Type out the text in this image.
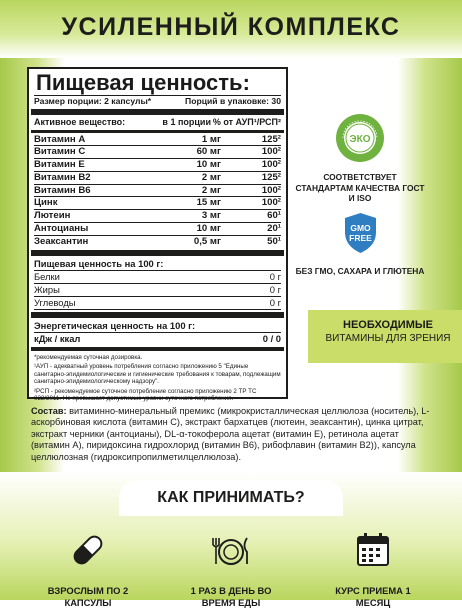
УСИЛЕННЫЙ КОМПЛЕКС
Пищевая ценность:
Размер порции: 2 капсулы*	Порций в упаковке: 30
Активное вещество:	в 1 порции % от АУП¹/РСП²
Витамин А	1 мг	125²
Витамин С	60 мг	100²
Витамин Е	10 мг	100²
Витамин В2	2 мг	125²
Витамин В6	2 мг	100²
Цинк	15 мг	100²
Лютеин	3 мг	60¹
Антоцианы	10 мг	20¹
Зеаксантин	0,5 мг	50¹
Пищевая ценность на 100 г:
Белки	0 г
Жиры	0 г
Углеводы	0 г
Энергетическая ценность на 100 г:
кДж / ккал	0 / 0
*рекомендуемая суточная дозировка.
¹АУП - адекватный уровень потребления согласно приложению 5 "Единые санитарно-эпидемиологические и гигиенические требования к товарам, подлежащим санитарно-эпидемиологическому надзору".
²РСП - рекомендуемое суточное потребление согласно приложению 2 ТР ТС 022/2011. Не превышает допустимые уровни суточного потребления.
ЭКО
СООТВЕТСТВУЕТ СТАНДАРТАМ КАЧЕСТВА ГОСТ И ISO
GMO
FREE
БЕЗ ГМО, САХАРА И ГЛЮТЕНА
НЕОБХОДИМЫЕ
ВИТАМИНЫ ДЛЯ ЗРЕНИЯ
Состав: витаминно-минеральный премикс (микрокристаллическая целлюлоза (носитель), L-аскорбиновая кислота (витамин С), экстракт бархатцев (лютеин, зеаксантин), цинка цитрат, экстракт черники (антоцианы), DL-α-токоферола ацетат (витамин Е), ретинола ацетат (витамин А), пиридоксина гидрохлорид (витамин В6), рибофлавин (витамин В2)), капсула целлюлозная (гидроксипропилметилцеллюлоза).
КАК ПРИНИМАТЬ?
ВЗРОСЛЫМ ПО 2 КАПСУЛЫ
1 РАЗ В ДЕНЬ ВО ВРЕМЯ ЕДЫ
КУРС ПРИЕМА 1 МЕСЯЦ
